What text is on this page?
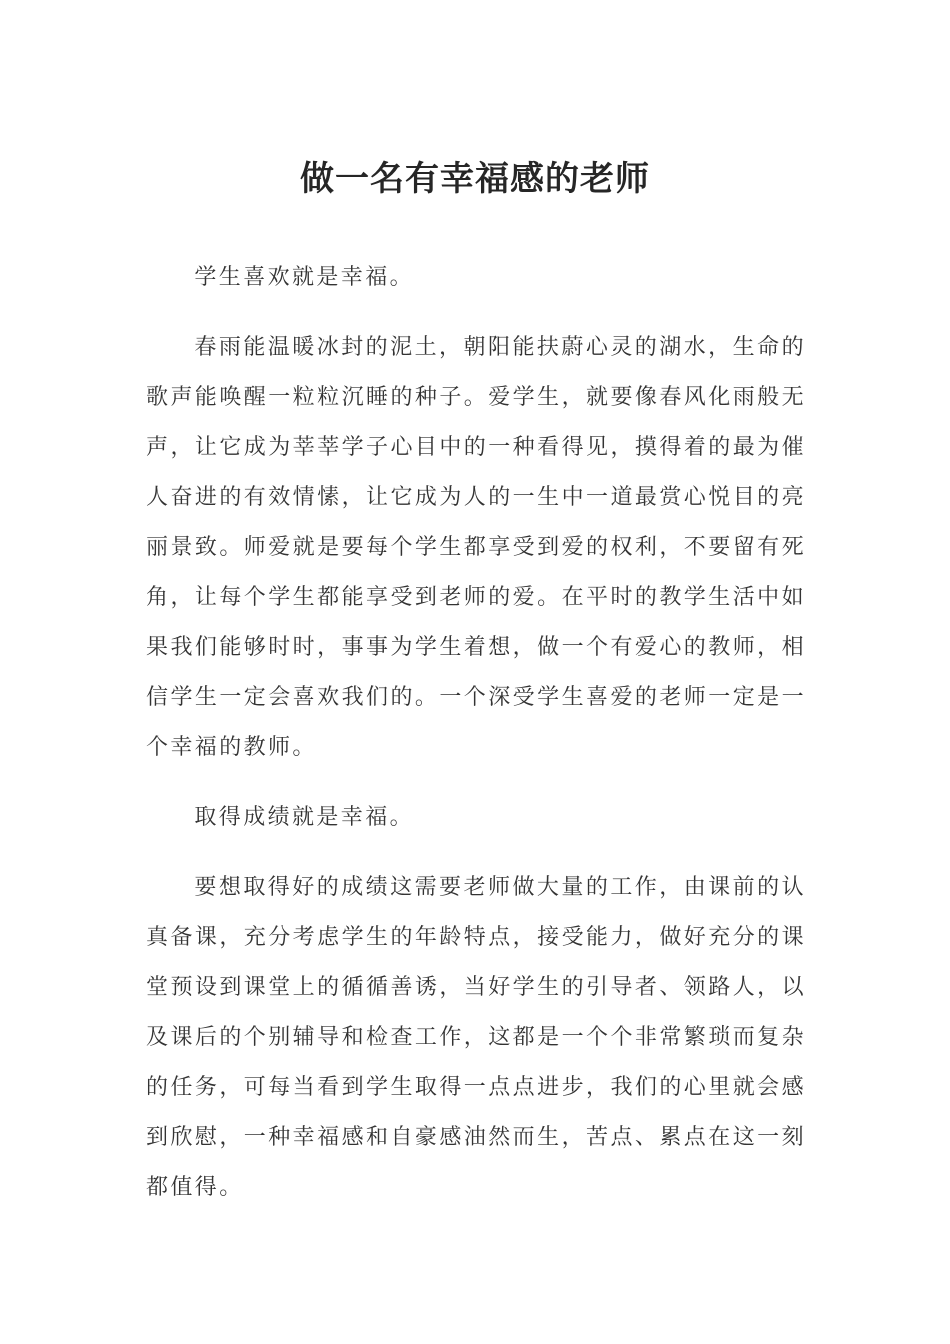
做一名有幸福感的老师

学生喜欢就是幸福。

春雨能温暖冰封的泥土，朝阳能扶蔚心灵的湖水，生命的歌声能唤醒一粒粒沉睡的种子。爱学生，就要像春风化雨般无声，让它成为莘莘学子心目中的一种看得见，摸得着的最为催人奋进的有效情愫，让它成为人的一生中一道最赏心悦目的亮丽景致。师爱就是要每个学生都享受到爱的权利，不要留有死角，让每个学生都能享受到老师的爱。在平时的教学生活中如果我们能够时时，事事为学生着想，做一个有爱心的教师，相信学生一定会喜欢我们的。一个深受学生喜爱的老师一定是一个幸福的教师。

取得成绩就是幸福。

要想取得好的成绩这需要老师做大量的工作，由课前的认真备课，充分考虑学生的年龄特点，接受能力，做好充分的课堂预设到课堂上的循循善诱，当好学生的引导者、领路人，以及课后的个别辅导和检查工作，这都是一个个非常繁琐而复杂的任务，可每当看到学生取得一点点进步，我们的心里就会感到欣慰，一种幸福感和自豪感油然而生，苦点、累点在这一刻都值得。
